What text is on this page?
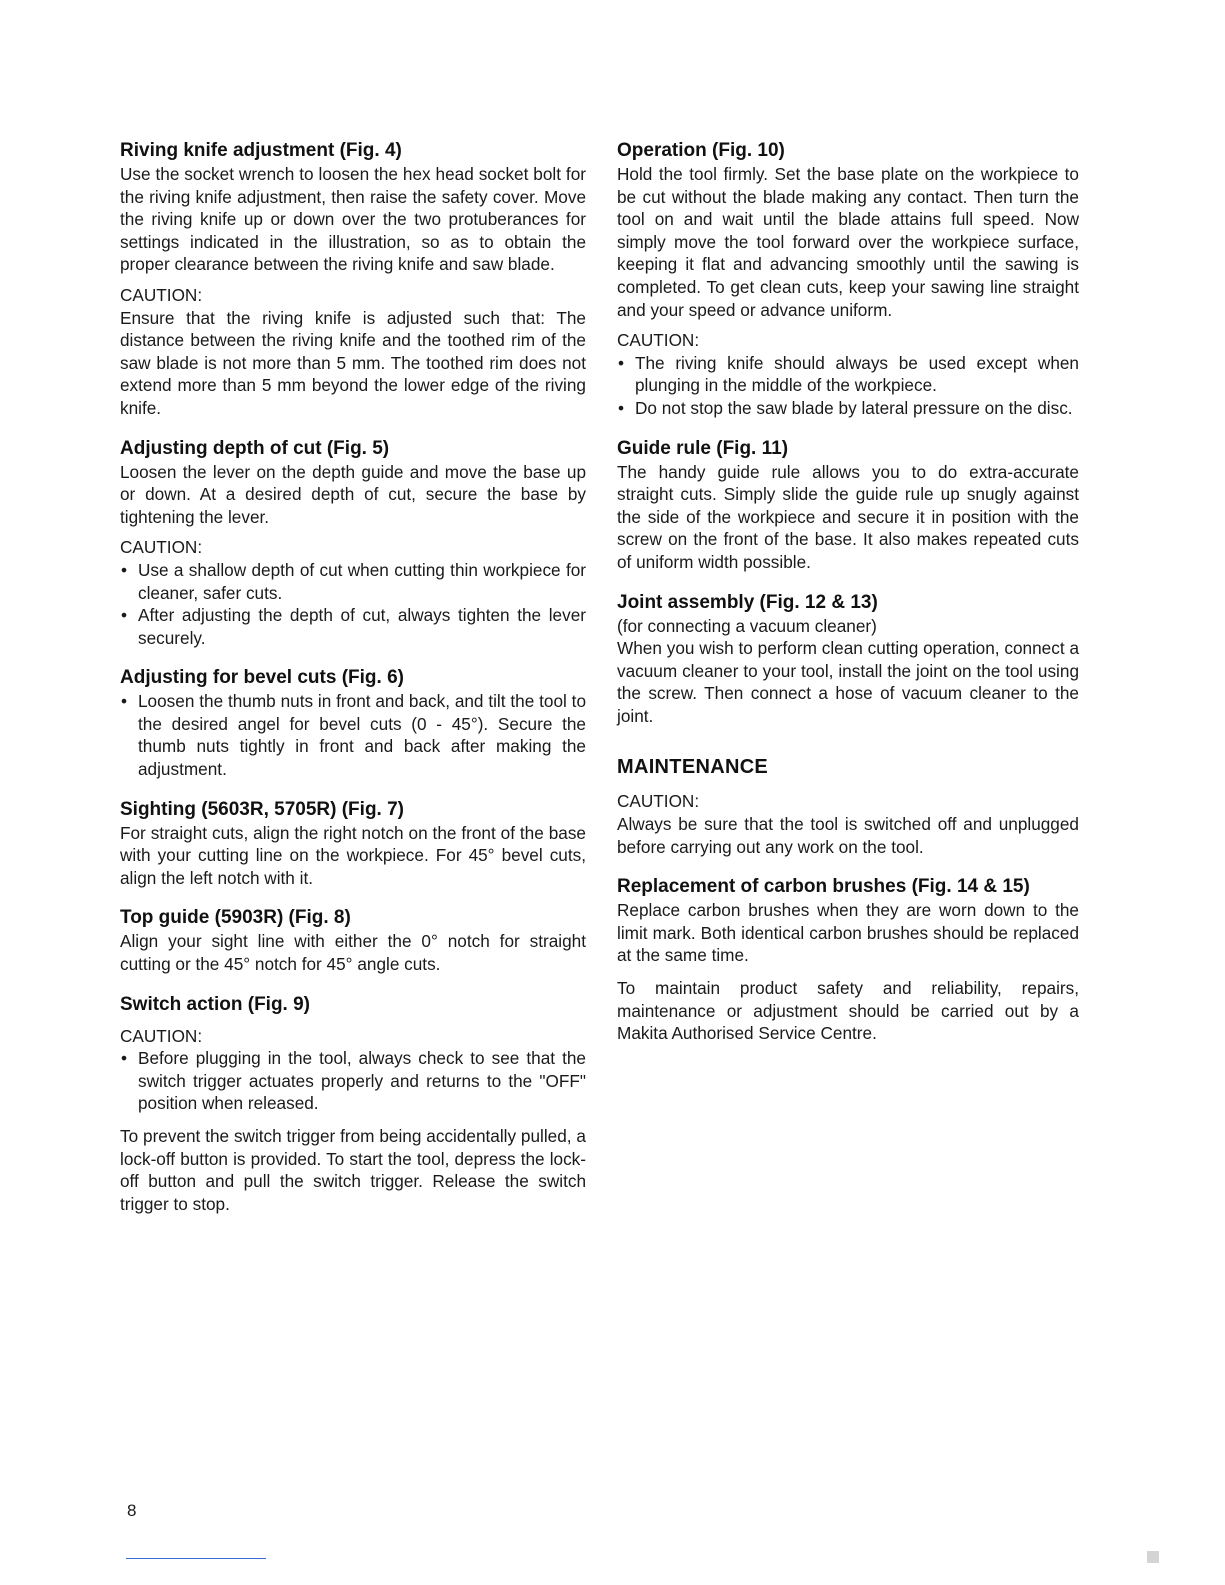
Riving knife adjustment (Fig. 4)

Use the socket wrench to loosen the hex head socket bolt for the riving knife adjustment, then raise the safety cover. Move the riving knife up or down over the two protuberances for settings indicated in the illustration, so as to obtain the proper clearance between the riving knife and saw blade.

CAUTION:

Ensure that the riving knife is adjusted such that: The distance between the riving knife and the toothed rim of the saw blade is not more than 5 mm. The toothed rim does not extend more than 5 mm beyond the lower edge of the riving knife.

Adjusting depth of cut (Fig. 5)

Loosen the lever on the depth guide and move the base up or down. At a desired depth of cut, secure the base by tightening the lever.

CAUTION:

• Use a shallow depth of cut when cutting thin workpiece for cleaner, safer cuts.
• After adjusting the depth of cut, always tighten the lever securely.
Adjusting for bevel cuts (Fig. 6)
• Loosen the thumb nuts in front and back, and tilt the tool to the desired angel for bevel cuts (0 - 45°). Secure the thumb nuts tightly in front and back after making the adjustment.
Sighting (5603R, 5705R) (Fig. 7)

For straight cuts, align the right notch on the front of the base with your cutting line on the workpiece. For 45° bevel cuts, align the left notch with it.

Top guide (5903R) (Fig. 8)

Align your sight line with either the 0° notch for straight cutting or the 45° notch for 45° angle cuts.

Switch action (Fig. 9)

CAUTION:

• Before plugging in the tool, always check to see that the switch trigger actuates properly and returns to the "OFF" position when released.

To prevent the switch trigger from being accidentally pulled, a lock-off button is provided. To start the tool, depress the lock-off button and pull the switch trigger. Release the switch trigger to stop.

Operation (Fig. 10)

Hold the tool firmly. Set the base plate on the workpiece to be cut without the blade making any contact. Then turn the tool on and wait until the blade attains full speed. Now simply move the tool forward over the workpiece surface, keeping it flat and advancing smoothly until the sawing is completed. To get clean cuts, keep your sawing line straight and your speed or advance uniform.

CAUTION:

• The riving knife should always be used except when plunging in the middle of the workpiece.
• Do not stop the saw blade by lateral pressure on the disc.
Guide rule (Fig. 11)

The handy guide rule allows you to do extra-accurate straight cuts. Simply slide the guide rule up snugly against the side of the workpiece and secure it in position with the screw on the front of the base. It also makes repeated cuts of uniform width possible.

Joint assembly (Fig. 12 & 13)

(for connecting a vacuum cleaner)

When you wish to perform clean cutting operation, connect a vacuum cleaner to your tool, install the joint on the tool using the screw. Then connect a hose of vacuum cleaner to the joint.

MAINTENANCE

CAUTION:

Always be sure that the tool is switched off and unplugged before carrying out any work on the tool.

Replacement of carbon brushes (Fig. 14 & 15)

Replace carbon brushes when they are worn down to the limit mark. Both identical carbon brushes should be replaced at the same time.

To maintain product safety and reliability, repairs, maintenance or adjustment should be carried out by a Makita Authorised Service Centre.

8
